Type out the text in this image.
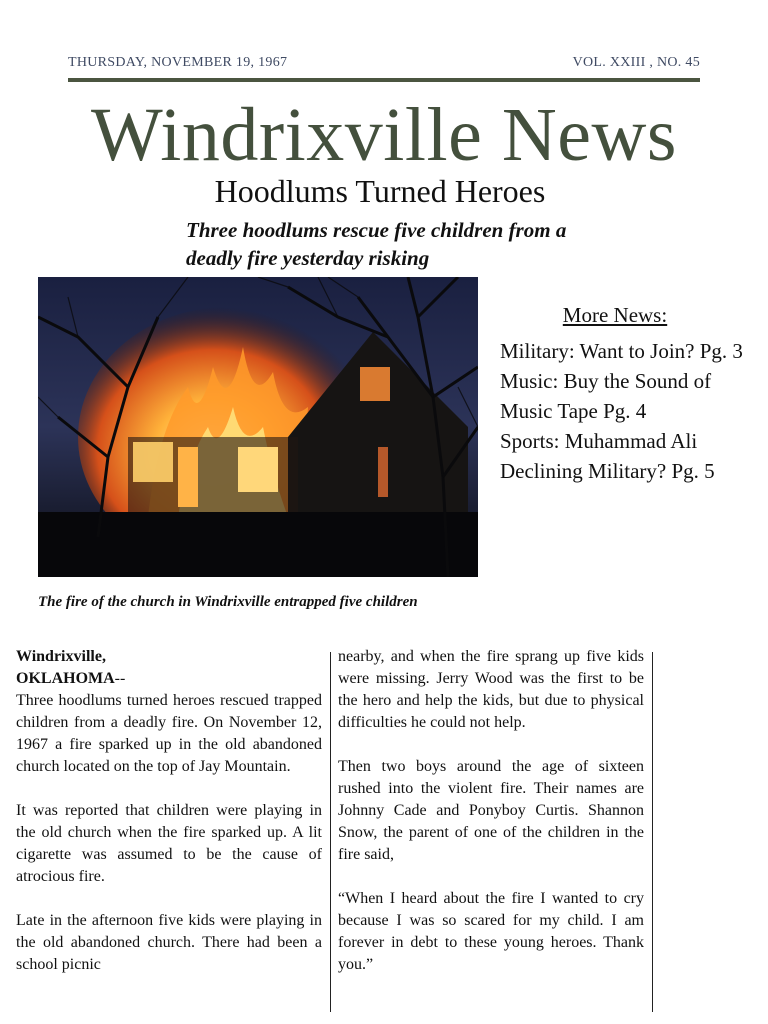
THURSDAY, NOVEMBER 19, 1967	VOL. XXIII , NO. 45
Windrixville News
Hoodlums Turned Heroes
Three hoodlums rescue five children from a deadly fire yesterday risking
The fire of the church in Windrixville entrapped five children
More News:

Military: Want to Join? Pg. 3

Music: Buy the Sound of Music Tape Pg. 4

Sports: Muhammad Ali Declining Military? Pg. 5

Windrixville,
OKLAHOMA--

Three hoodlums turned heroes rescued trapped children from a deadly fire. On November 12, 1967 a fire sparked up in the old abandoned church located on the top of Jay Mountain.

It was reported that children were playing in the old church when the fire sparked up. A lit cigarette was assumed to be the cause of atrocious fire.

Late in the afternoon five kids were playing in the old abandoned church. There had been a school picnic

nearby, and when the fire sprang up five kids were missing. Jerry Wood was the first to be the hero and help the kids, but due to physical difficulties he could not help.

Then two boys around the age of sixteen rushed into the violent fire. Their names are Johnny Cade and Ponyboy Curtis. Shannon Snow, the parent of one of the children in the fire said,

“When I heard about the fire I wanted to cry because I was so scared for my child. I am forever in debt to these young heroes. Thank you.”
